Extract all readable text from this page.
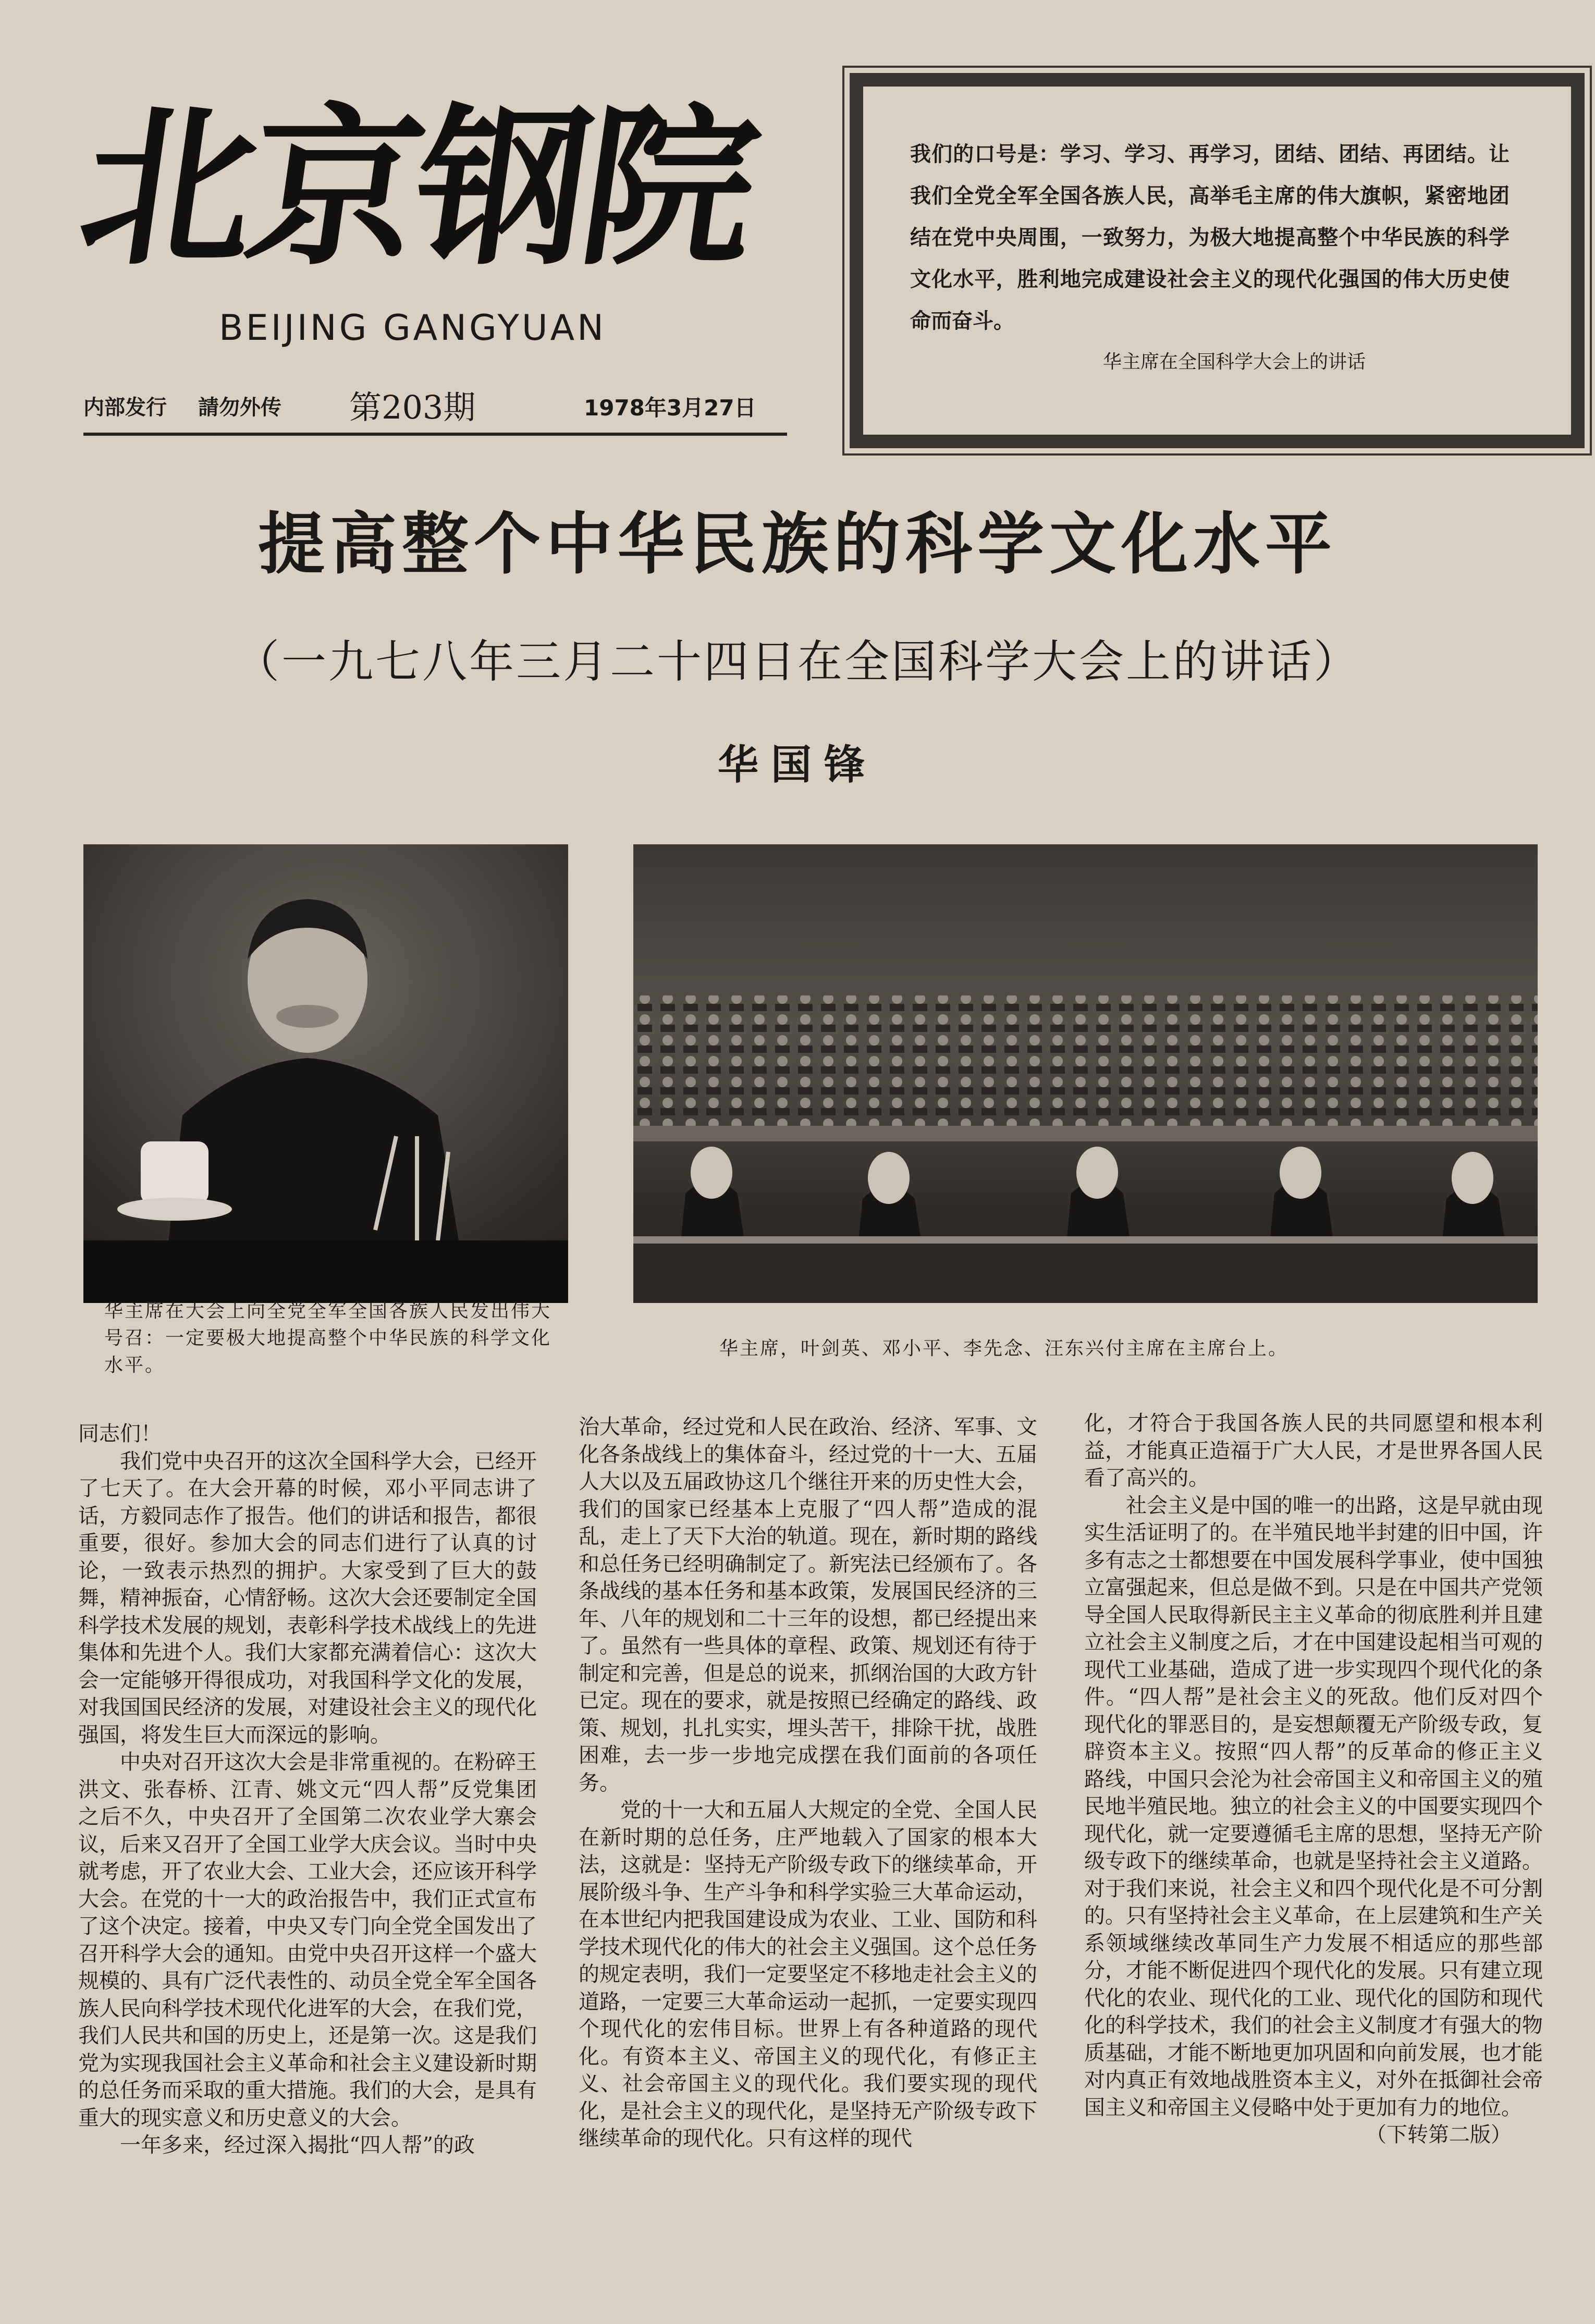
北京钢院
BEIJING GANGYUAN
内部发行 請勿外传 第203期	1978年3月27日
我们的口号是：学习、学习、再学习，团结、团结、再团结。让我们全党全军全国各族人民，高举毛主席的伟大旗帜，紧密地团结在党中央周围，一致努力，为极大地提高整个中华民族的科学文化水平，胜利地完成建设社会主义的现代化强国的伟大历史使命而奋斗。
华主席在全国科学大会上的讲话
提高整个中华民族的科学文化水平
（一九七八年三月二十四日在全国科学大会上的讲话）
华国锋
华主席在大会上向全党全军全国各族人民发出伟大号召：一定要极大地提高整个中华民族的科学文化水平。
华主席，叶剑英、邓小平、李先念、汪东兴付主席在主席台上。

同志们！

我们党中央召开的这次全国科学大会，已经开了七天了。在大会开幕的时候，邓小平同志讲了话，方毅同志作了报告。他们的讲话和报告，都很重要，很好。参加大会的同志们进行了认真的讨论，一致表示热烈的拥护。大家受到了巨大的鼓舞，精神振奋，心情舒畅。这次大会还要制定全国科学技术发展的规划，表彰科学技术战线上的先进集体和先进个人。我们大家都充满着信心：这次大会一定能够开得很成功，对我国科学文化的发展，对我国国民经济的发展，对建设社会主义的现代化强国，将发生巨大而深远的影响。

中央对召开这次大会是非常重视的。在粉碎王洪文、张春桥、江青、姚文元“四人帮”反党集团之后不久，中央召开了全国第二次农业学大寨会议，后来又召开了全国工业学大庆会议。当时中央就考虑，开了农业大会、工业大会，还应该开科学大会。在党的十一大的政治报告中，我们正式宣布了这个决定。接着，中央又专门向全党全国发出了召开科学大会的通知。由党中央召开这样一个盛大规模的、具有广泛代表性的、动员全党全军全国各族人民向科学技术现代化进军的大会，在我们党，我们人民共和国的历史上，还是第一次。这是我们党为实现我国社会主义革命和社会主义建设新时期的总任务而采取的重大措施。我们的大会，是具有重大的现实意义和历史意义的大会。

一年多来，经过深入揭批“四人帮”的政

治大革命，经过党和人民在政治、经济、军事、文化各条战线上的集体奋斗，经过党的十一大、五届人大以及五届政协这几个继往开来的历史性大会，我们的国家已经基本上克服了“四人帮”造成的混乱，走上了天下大治的轨道。现在，新时期的路线和总任务已经明确制定了。新宪法已经颁布了。各条战线的基本任务和基本政策，发展国民经济的三年、八年的规划和二十三年的设想，都已经提出来了。虽然有一些具体的章程、政策、规划还有待于制定和完善，但是总的说来，抓纲治国的大政方针已定。现在的要求，就是按照已经确定的路线、政策、规划，扎扎实实，埋头苦干，排除干扰，战胜困难，去一步一步地完成摆在我们面前的各项任务。

党的十一大和五届人大规定的全党、全国人民在新时期的总任务，庄严地载入了国家的根本大法，这就是：坚持无产阶级专政下的继续革命，开展阶级斗争、生产斗争和科学实验三大革命运动，在本世纪内把我国建设成为农业、工业、国防和科学技术现代化的伟大的社会主义强国。这个总任务的规定表明，我们一定要坚定不移地走社会主义的道路，一定要三大革命运动一起抓，一定要实现四个现代化的宏伟目标。世界上有各种道路的现代化。有资本主义、帝国主义的现代化，有修正主义、社会帝国主义的现代化。我们要实现的现代化，是社会主义的现代化，是坚持无产阶级专政下继续革命的现代化。只有这样的现代

化，才符合于我国各族人民的共同愿望和根本利益，才能真正造福于广大人民，才是世界各国人民看了高兴的。

社会主义是中国的唯一的出路，这是早就由现实生活证明了的。在半殖民地半封建的旧中国，许多有志之士都想要在中国发展科学事业，使中国独立富强起来，但总是做不到。只是在中国共产党领导全国人民取得新民主主义革命的彻底胜利并且建立社会主义制度之后，才在中国建设起相当可观的现代工业基础，造成了进一步实现四个现代化的条件。“四人帮”是社会主义的死敌。他们反对四个现代化的罪恶目的，是妄想颠覆无产阶级专政，复辟资本主义。按照“四人帮”的反革命的修正主义路线，中国只会沦为社会帝国主义和帝国主义的殖民地半殖民地。独立的社会主义的中国要实现四个现代化，就一定要遵循毛主席的思想，坚持无产阶级专政下的继续革命，也就是坚持社会主义道路。对于我们来说，社会主义和四个现代化是不可分割的。只有坚持社会主义革命，在上层建筑和生产关系领域继续改革同生产力发展不相适应的那些部分，才能不断促进四个现代化的发展。只有建立现代化的农业、现代化的工业、现代化的国防和现代化的科学技术，我们的社会主义制度才有强大的物质基础，才能不断地更加巩固和向前发展，也才能对内真正有效地战胜资本主义，对外在抵御社会帝国主义和帝国主义侵略中处于更加有力的地位。

（下转第二版）
